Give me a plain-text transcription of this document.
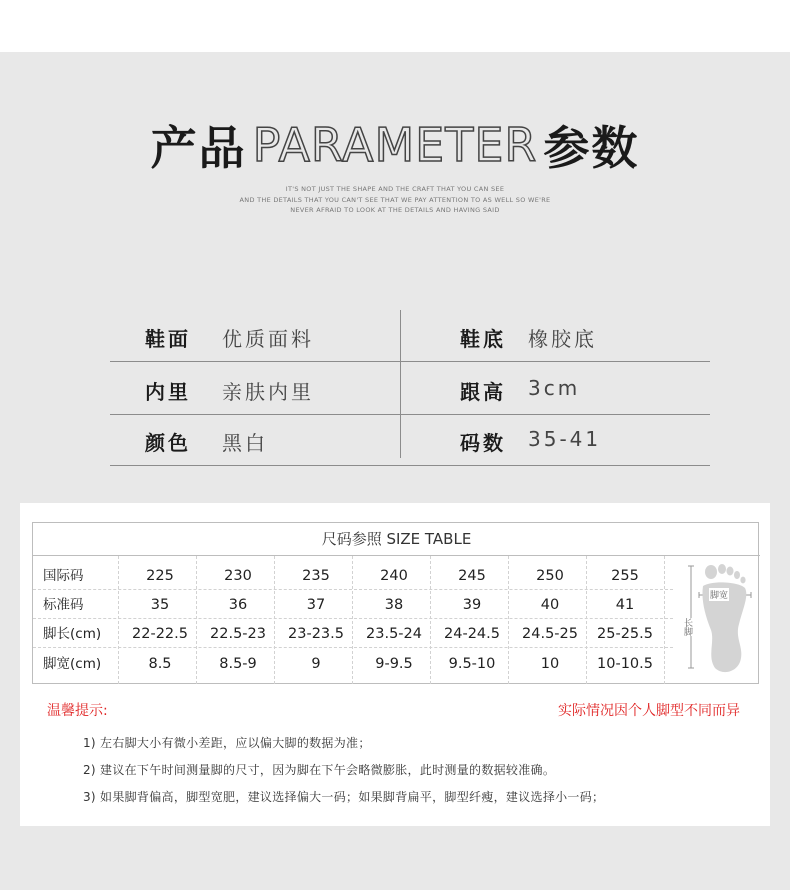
产品 PARAMETER 参数
IT'S NOT JUST THE SHAPE AND THE CRAFT THAT YOU CAN SEE
AND THE DETAILS THAT YOU CAN'T SEE THAT WE PAY ATTENTION TO AS WELL SO WE'RE
NEVER AFRAID TO LOOK AT THE DETAILS AND HAVING SAID
鞋面 优质面料	鞋底 橡胶底
内里 亲肤内里	跟高 3cm
颜色 黑白	码数 35-41
尺码参照 SIZE TABLE
国际码	225	230	235	240	245	250	255
标准码	35	36	37	38	39	40	41
脚长(cm)	22-22.5	22.5-23	23-23.5	23.5-24	24-24.5	24.5-25	25-25.5
脚宽(cm)	8.5	8.5-9	9	9-9.5	9.5-10	10	10-10.5
脚宽
长脚
温馨提示:	实际情况因个人脚型不同而异
1) 左右脚大小有微小差距，应以偏大脚的数据为准；
2) 建议在下午时间测量脚的尺寸，因为脚在下午会略微膨胀，此时测量的数据较准确。
3) 如果脚背偏高，脚型宽肥，建议选择偏大一码；如果脚背扁平，脚型纤瘦，建议选择小一码；
